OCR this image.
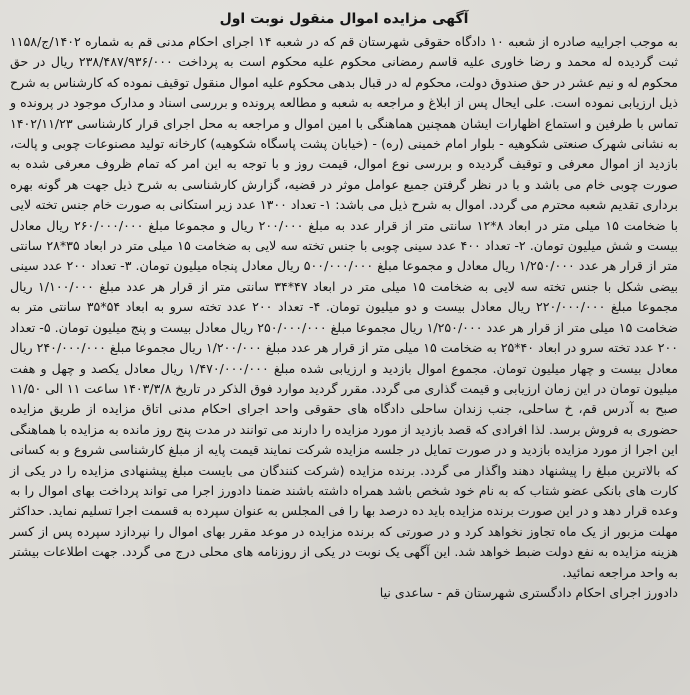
آگهی مزایده اموال منقول نوبت اول

به موجب اجراییه صادره از شعبه ۱۰ دادگاه حقوقی شهرستان قم که در شعبه ۱۴ اجرای احکام مدنی قم به شماره ۱۴۰۲/ج/۱۱۵۸ ثبت گردیده له محمد و رضا خاوری علیه قاسم رمضانی محکوم علیه محکوم است به پرداخت ۲۳۸/۴۸۷/۹۳۶/۰۰۰ ریال در حق محکوم له و نیم عشر در حق صندوق دولت، محکوم له در قبال بدهی محکوم علیه اموال منقول توقیف نموده که کارشناس به شرح ذیل ارزیابی نموده است. علی ایحال پس از ابلاغ و مراجعه به شعبه و مطالعه پرونده و بررسی اسناد و مدارک موجود در پرونده و تماس با طرفین و استماع اظهارات ایشان همچنین هماهنگی با امین اموال و مراجعه به محل اجرای قرار کارشناسی ۱۴۰۲/۱۱/۲۳ به نشانی شهرک صنعتی شکوهیه - بلوار امام خمینی (ره) - (خیابان پشت پاسگاه شکوهیه) کارخانه تولید مصنوعات چوبی و پالت، بازدید از اموال معرفی و توقیف گردیده و بررسی نوع اموال، قیمت روز و با توجه به این امر که تمام ظروف معرفی شده به صورت چوبی خام می باشد و با در نظر گرفتن جمیع عوامل موثر در قضیه، گزارش کارشناسی به شرح ذیل جهت هر گونه بهره برداری تقدیم شعبه محترم می گردد. اموال به شرح ذیل می باشد: ۱- تعداد ۱۳۰۰ عدد زیر استکانی به صورت خام جنس تخته لایی با ضخامت ۱۵ میلی متر در ابعاد ۸*۱۲ سانتی متر از قرار عدد به مبلغ ۲۰۰/۰۰۰ ریال و مجموعا مبلغ ۲۶۰/۰۰۰/۰۰۰ ریال معادل بیست و شش میلیون تومان. ۲- تعداد ۴۰۰ عدد سینی چوبی با جنس تخته سه لایی به ضخامت ۱۵ میلی متر در ابعاد ۳۵*۲۸ سانتی متر از قرار هر عدد ۱/۲۵۰/۰۰۰ ریال معادل و مجموعا مبلغ ۵۰۰/۰۰۰/۰۰۰ ریال معادل پنجاه میلیون تومان. ۳- تعداد ۲۰۰ عدد سینی بیضی شکل با جنس تخته سه لایی به ضخامت ۱۵ میلی متر در ابعاد ۴۷*۳۴ سانتی متر از قرار هر عدد مبلغ ۱/۱۰۰/۰۰۰ ریال مجموعا مبلغ ۲۲۰/۰۰۰/۰۰۰ ریال معادل بیست و دو میلیون تومان. ۴- تعداد ۲۰۰ عدد تخته سرو به ابعاد ۵۴*۳۵ سانتی متر به ضخامت ۱۵ میلی متر از قرار هر عدد ۱/۲۵۰/۰۰۰ ریال مجموعا مبلغ ۲۵۰/۰۰۰/۰۰۰ ریال معادل بیست و پنج میلیون تومان. ۵- تعداد ۲۰۰ عدد تخته سرو در ابعاد ۴۰*۲۵ به ضخامت ۱۵ میلی متر از قرار هر عدد مبلغ ۱/۲۰۰/۰۰۰ ریال مجموعا مبلغ ۲۴۰/۰۰۰/۰۰۰ ریال معادل بیست و چهار میلیون تومان. مجموع اموال بازدید و ارزیابی شده مبلغ ۱/۴۷۰/۰۰۰/۰۰۰ ریال معادل یکصد و چهل و هفت میلیون تومان در این زمان ارزیابی و قیمت گذاری می گردد. مقرر گردید موارد فوق الذکر در تاریخ ۱۴۰۳/۳/۸ ساعت ۱۱ الی ۱۱/۵۰ صبح به آدرس قم، خ ساحلی، جنب زندان ساحلی دادگاه های حقوقی واحد اجرای احکام مدنی اتاق مزایده از طریق مزایده حضوری به فروش برسد. لذا افرادی که قصد بازدید از مورد مزایده را دارند می توانند در مدت پنج روز مانده به مزایده با هماهنگی این اجرا از مورد مزایده بازدید و در صورت تمایل در جلسه مزایده شرکت نمایند قیمت پایه از مبلغ کارشناسی شروع و به کسانی که بالاترین مبلغ را پیشنهاد دهند واگذار می گردد. برنده مزایده (شرکت کنندگان می بایست مبلغ پیشنهادی مزایده را در یکی از کارت های بانکی عضو شتاب که به نام خود شخص باشد همراه داشته باشند ضمنا دادورز اجرا می تواند پرداخت بهای اموال را به وعده قرار دهد و در این صورت برنده مزایده باید ده درصد بها را فی المجلس به عنوان سپرده به قسمت اجرا تسلیم نماید. حداکثر مهلت مزبور از یک ماه تجاوز نخواهد کرد و در صورتی که برنده مزایده در موعد مقرر بهای اموال را نپردازد سپرده پس از کسر هزینه مزایده به نفع دولت ضبط خواهد شد. این آگهی یک نوبت در یکی از روزنامه های محلی درج می گردد. جهت اطلاعات بیشتر به واحد مراجعه نمائید.

دادورز اجرای احکام دادگستری شهرستان قم - ساعدی نیا
